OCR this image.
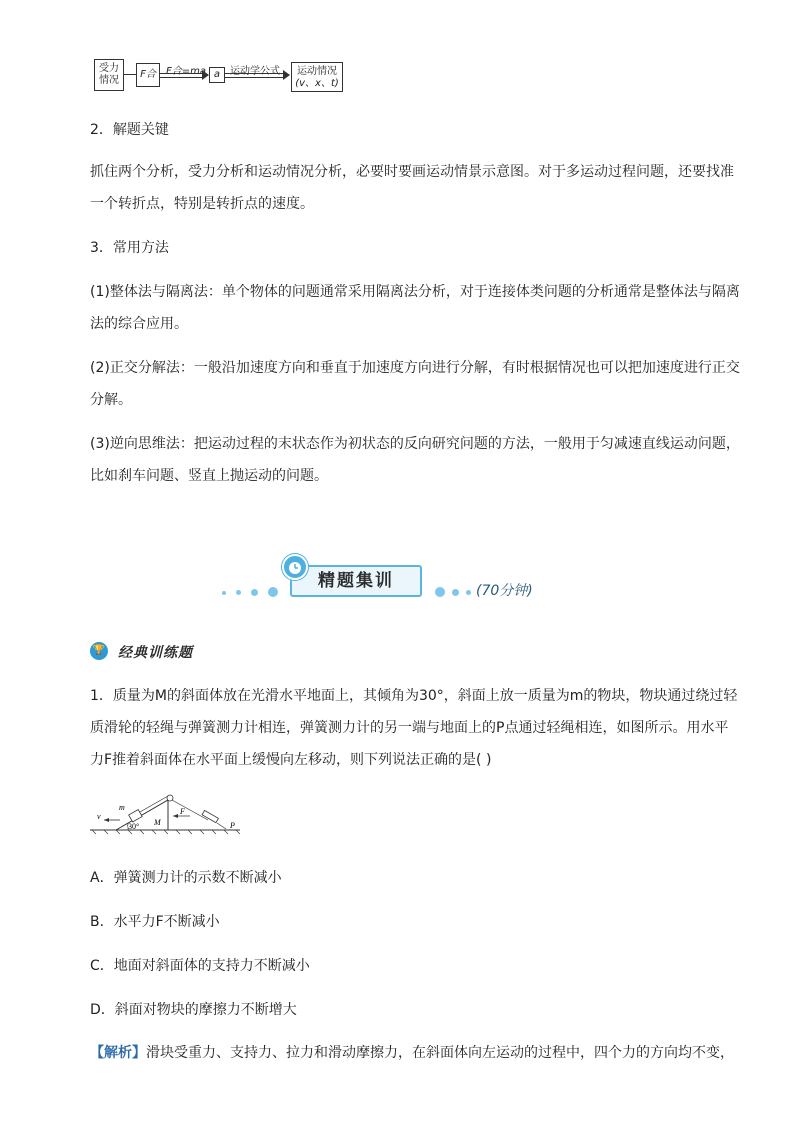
受力
情况
F合	F合=ma a 运动学公式	运动情况
(v、x、t)
2．解题关键
抓住两个分析，受力分析和运动情况分析，必要时要画运动情景示意图。对于多运动过程问题，还要找准一个转折点，特别是转折点的速度。
3．常用方法
(1)整体法与隔离法：单个物体的问题通常采用隔离法分析，对于连接体类问题的分析通常是整体法与隔离法的综合应用。
(2)正交分解法：一般沿加速度方向和垂直于加速度方向进行分解，有时根据情况也可以把加速度进行正交分解。
(3)逆向思维法：把运动过程的末状态作为初状态的反向研究问题的方法，一般用于匀减速直线运动问题，比如刹车问题、竖直上抛运动的问题。
精题集训	(70分钟)
🏆 经典训练题
1．质量为M的斜面体放在光滑水平地面上，其倾角为30°，斜面上放一质量为m的物块，物块通过绕过轻质滑轮的轻绳与弹簧测力计相连，弹簧测力计的另一端与地面上的P点通过轻绳相连，如图所示。用水平力F推着斜面体在水平面上缓慢向左移动，则下列说法正确的是( )
v
m
30° M
F
P
A．弹簧测力计的示数不断减小
B．水平力F不断减小
C．地面对斜面体的支持力不断减小
D．斜面对物块的摩擦力不断增大
【解析】滑块受重力、支持力、拉力和滑动摩擦力，在斜面体向左运动的过程中，四个力的方向均不变，
